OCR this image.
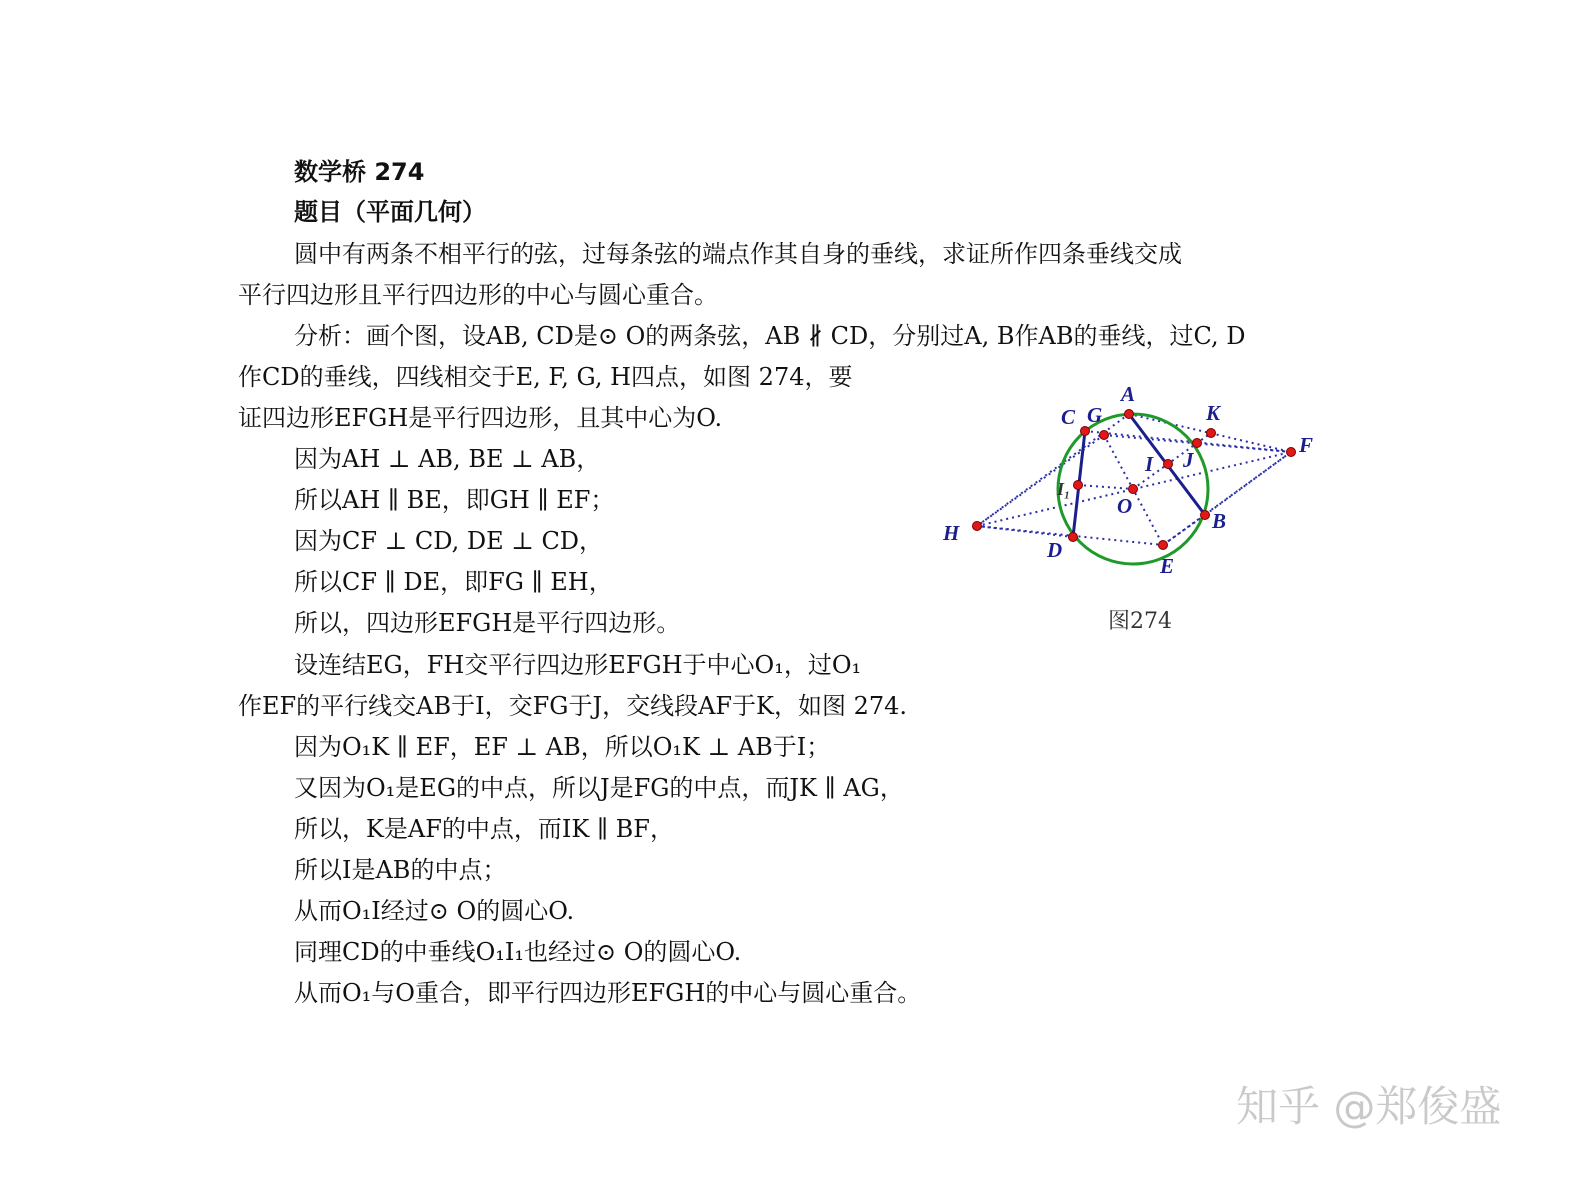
数学桥 274
题目（平面几何）
圆中有两条不相平行的弦，过每条弦的端点作其自身的垂线，求证所作四条垂线交成
平行四边形且平行四边形的中心与圆心重合。
分析：画个图，设AB, CD是⊙ O的两条弦，AB ∦ CD，分别过A, B作AB的垂线，过C, D
作CD的垂线，四线相交于E, F, G, H四点，如图 274，要
证四边形EFGH是平行四边形，且其中心为O.
因为AH ⊥ AB, BE ⊥ AB，
所以AH ∥ BE，即GH ∥ EF；
因为CF ⊥ CD, DE ⊥ CD，
所以CF ∥ DE，即FG ∥ EH，
所以，四边形EFGH是平行四边形。
设连结EG，FH交平行四边形EFGH于中心O₁，过O₁
作EF的平行线交AB于I，交FG于J，交线段AF于K，如图 274.
因为O₁K ∥ EF，EF ⊥ AB，所以O₁K ⊥ AB于I；
又因为O₁是EG的中点，所以J是FG的中点，而JK ∥ AG，
所以，K是AF的中点，而IK ∥ BF，
所以I是AB的中点；
从而O₁I经过⊙ O的圆心O.
同理CD的中垂线O₁I₁也经过⊙ O的圆心O.
从而O₁与O重合，即平行四边形EFGH的中心与圆心重合。
A
B
C G
D
E
F
H
I J
K
O
I₁
图274
知乎 @郑俊盛
